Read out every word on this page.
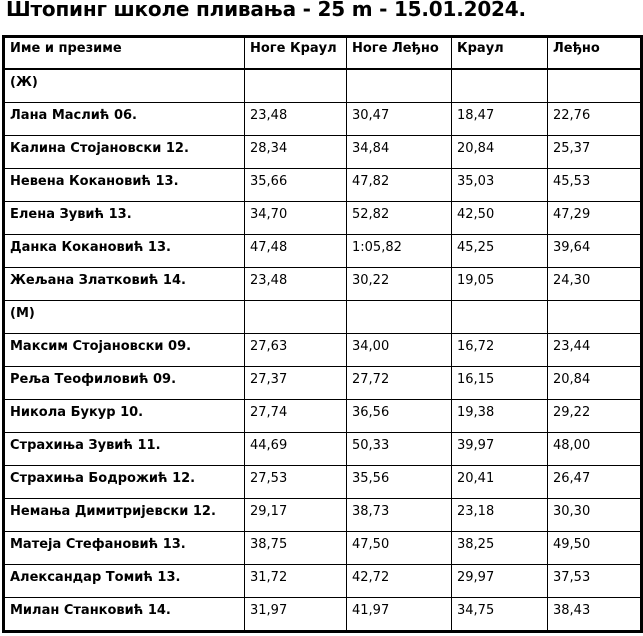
Штопинг школе пливања - 25 m - 15.01.2024.
Име и презиме	Ноге Краул	Ноге Леђно	Краул	Леђно

(Ж)				

Лана Маслић 06.	23,48	30,47	18,47	22,76

Калина Стојановски 12.	28,34	34,84	20,84	25,37

Невена Кокановић 13.	35,66	47,82	35,03	45,53

Елена Зувић 13.	34,70	52,82	42,50	47,29

Данка Кокановић 13.	47,48	1:05,82	45,25	39,64

Жељана Златковић 14.	23,48	30,22	19,05	24,30

(М)				

Максим Стојановски 09.	27,63	34,00	16,72	23,44

Рељa Теофиловић 09.	27,37	27,72	16,15	20,84

Никола Букур 10.	27,74	36,56	19,38	29,22

Страхиња Зувић 11.	44,69	50,33	39,97	48,00

Страхиња Бодрожић 12.	27,53	35,56	20,41	26,47

Немања Димитријевски 12.	29,17	38,73	23,18	30,30

Матеја Стефановић 13.	38,75	47,50	38,25	49,50

Александар Томић 13.	31,72	42,72	29,97	37,53

Милан Станковић 14.	31,97	41,97	34,75	38,43
